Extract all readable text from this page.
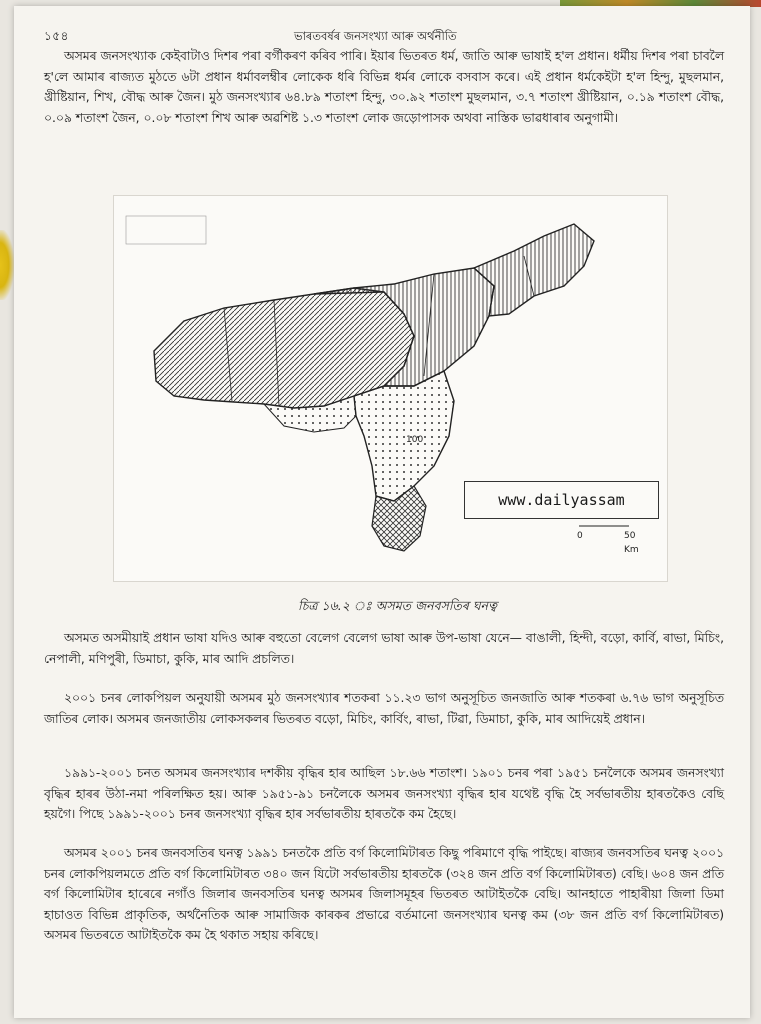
১৫৪	ভাৰতবৰ্ষৰ জনসংখ্যা আৰু অৰ্থনীতি

অসমৰ জনসংখ্যাক কেইবাটাও দিশৰ পৰা বৰ্গীকৰণ কৰিব পাৰি। ইয়াৰ ভিতৰত ধৰ্ম, জাতি আৰু ভাষাই হ'ল প্ৰধান। ধৰ্মীয় দিশৰ পৰা চাবলৈ হ'লে আমাৰ ৰাজ্যত মুঠতে ৬টা প্ৰধান ধৰ্মাবলম্বীৰ লোকেক ধৰি বিভিন্ন ধৰ্মৰ লোকে বসবাস কৰে। এই প্ৰধান ধৰ্মকেইটা হ'ল হিন্দু, মুছলমান, খ্ৰীষ্টিয়ান, শিখ, বৌদ্ধ আৰু জৈন। মুঠ জনসংখ্যাৰ ৬৪.৮৯ শতাংশ হিন্দু, ৩০.৯২ শতাংশ মুছলমান, ৩.৭ শতাংশ খ্ৰীষ্টিয়ান, ০.১৯ শতাংশ বৌদ্ধ, ০.০৯ শতাংশ জৈন, ০.০৮ শতাংশ শিখ আৰু অৱশিষ্ট ১.৩ শতাংশ লোক জড়োপাসক অথবা নাস্তিক ভাৱধাৰাৰ অনুগামী।

0	50
Km
100
www.dailyassam
চিত্ৰ ১৬.২ ঃ অসমত জনবসতিৰ ঘনত্ব

অসমত অসমীয়াই প্ৰধান ভাষা যদিও আৰু বহুতো বেলেগ বেলেগ ভাষা আৰু উপ-ভাষা যেনে— বাঙালী, হিন্দী, বড়ো, কাৰ্বি, ৰাভা, মিচিং, নেপালী, মণিপুৰী, ডিমাচা, কুকি, মাৰ আদি প্ৰচলিত।

২০০১ চনৰ লোকপিয়ল অনুযায়ী অসমৰ মুঠ জনসংখ্যাৰ শতকৰা ১১.২৩ ভাগ অনুসূচিত জনজাতি আৰু শতকৰা ৬.৭৬ ভাগ অনুসূচিত জাতিৰ লোক। অসমৰ জনজাতীয় লোকসকলৰ ভিতৰত বড়ো, মিচিং, কাৰ্বিং, ৰাভা, টিৱা, ডিমাচা, কুকি, মাৰ আদিয়েই প্ৰধান।

১৯৯১-২০০১ চনত অসমৰ জনসংখ্যাৰ দশকীয় বৃদ্ধিৰ হাৰ আছিল ১৮.৬৬ শতাংশ। ১৯০১ চনৰ পৰা ১৯৫১ চনলৈকে অসমৰ জনসংখ্যা বৃদ্ধিৰ হাৰৰ উঠা-নমা পৰিলক্ষিত হয়। আৰু ১৯৫১-৯১ চনলৈকে অসমৰ জনসংখ্যা বৃদ্ধিৰ হাৰ যথেষ্ট বৃদ্ধি হৈ সৰ্বভাৰতীয় হাৰতকৈও বেছি হয়গৈ। পিছে ১৯৯১-২০০১ চনৰ জনসংখ্যা বৃদ্ধিৰ হাৰ সৰ্বভাৰতীয় হাৰতকৈ কম হৈছে।

অসমৰ ২০০১ চনৰ জনবসতিৰ ঘনত্ব ১৯৯১ চনতকৈ প্ৰতি বৰ্গ কিলোমিটাৰত কিছু পৰিমাণে বৃদ্ধি পাইছে। ৰাজ্যৰ জনবসতিৰ ঘনত্ব ২০০১ চনৰ লোকপিয়লমতে প্ৰতি বৰ্গ কিলোমিটাৰত ৩৪০ জন যিটো সৰ্বভাৰতীয় হাৰতকৈ (৩২৪ জন প্ৰতি বৰ্গ কিলোমিটাৰত) বেছি। ৬০৪ জন প্ৰতি বৰ্গ কিলোমিটাৰ হাৰেৰে নগাঁও জিলাৰ জনবসতিৰ ঘনত্ব অসমৰ জিলাসমূহৰ ভিতৰত আটাইতকৈ বেছি। আনহাতে পাহাৰীয়া জিলা ডিমা হাচাওত বিভিন্ন প্ৰাকৃতিক, অৰ্থনৈতিক আৰু সামাজিক কাৰকৰ প্ৰভাৱে বৰ্তমানো জনসংখ্যাৰ ঘনত্ব কম (৩৮ জন প্ৰতি বৰ্গ কিলোমিটাৰত) অসমৰ ভিতৰতে আটাইতকৈ কম হৈ থকাত সহায় কৰিছে।
